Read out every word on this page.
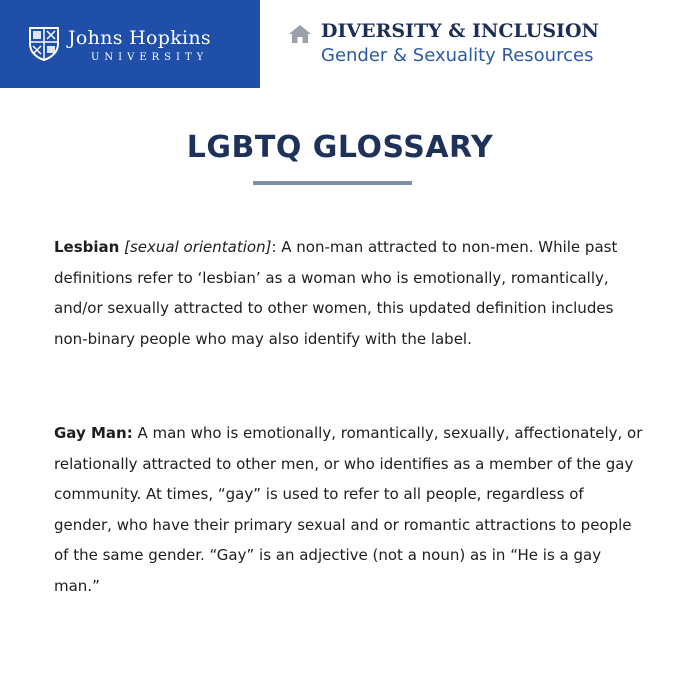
Johns Hopkins
UNIVERSITY
DIVERSITY & INCLUSION
Gender & Sexuality Resources
LGBTQ GLOSSARY
Lesbian [sexual orientation]: A non-man attracted to non-men. While past definitions refer to ‘lesbian’ as a woman who is emotionally, romantically, and/or sexually attracted to other women, this updated definition includes non-binary people who may also identify with the label.
Gay Man: A man who is emotionally, romantically, sexually, affectionately, or relationally attracted to other men, or who identifies as a member of the gay community. At times, “gay” is used to refer to all people, regardless of gender, who have their primary sexual and or romantic attractions to people of the same gender. “Gay” is an adjective (not a noun) as in “He is a gay man.”
